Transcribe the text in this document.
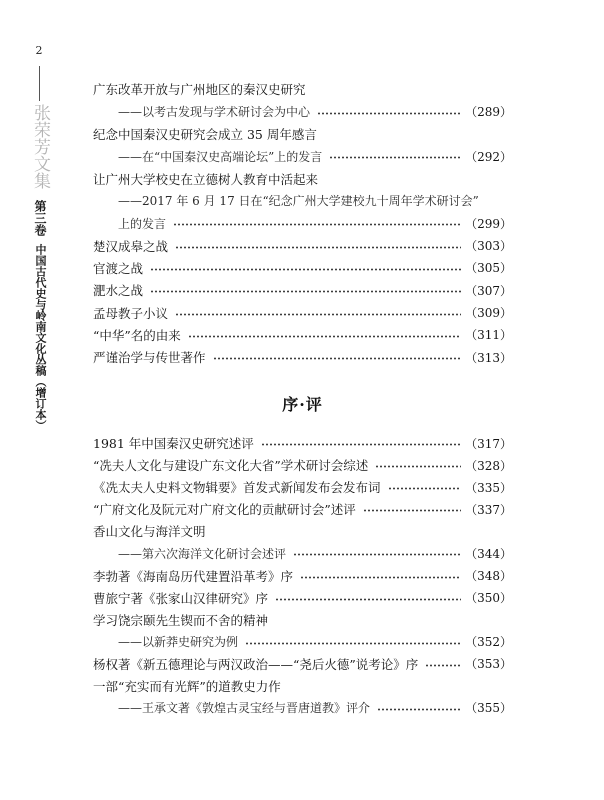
2
张荣芳文集
第三卷
中国古代史与岭南文化丛稿（增订本）
广东改革开放与广州地区的秦汉史研究
——以考古发现与学术研讨会为中心	（289）
纪念中国秦汉史研究会成立 35 周年感言
——在“中国秦汉史高端论坛”上的发言	（292）
让广州大学校史在立德树人教育中活起来
——2017 年 6 月 17 日在“纪念广州大学建校九十周年学术研讨会”
上的发言	（299）
楚汉成皋之战	（303）
官渡之战	（305）
淝水之战	（307）
孟母教子小议	（309）
“中华”名的由来	（311）
严谨治学与传世著作	（313）
序·评
1981 年中国秦汉史研究述评	（317）
“冼夫人文化与建设广东文化大省”学术研讨会综述	（328）
《冼太夫人史料文物辑要》首发式新闻发布会发布词	（335）
“广府文化及阮元对广府文化的贡献研讨会”述评	（337）
香山文化与海洋文明
——第六次海洋文化研讨会述评	（344）
李勃著《海南岛历代建置沿革考》序	（348）
曹旅宁著《张家山汉律研究》序	（350）
学习饶宗颐先生锲而不舍的精神
——以新莽史研究为例	（352）
杨权著《新五德理论与两汉政治——“尧后火德”说考论》序	（353）
一部“充实而有光辉”的道教史力作
——王承文著《敦煌古灵宝经与晋唐道教》评介	（355）
